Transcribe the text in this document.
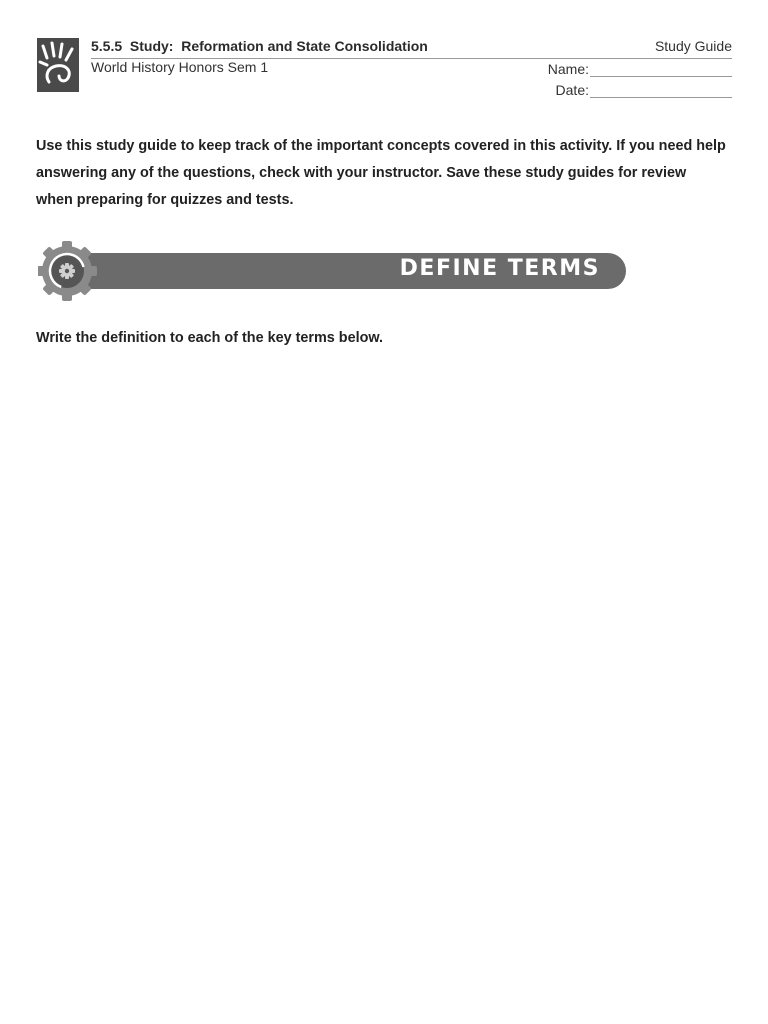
5.5.5  Study:  Reformation and State Consolidation	Study Guide
World History Honors Sem 1	Name:
Date:
Use this study guide to keep track of the important concepts covered in this activity. If you need help answering any of the questions, check with your instructor. Save these study guides for review when preparing for quizzes and tests.
DEFINE TERMS
Write the definition to each of the key terms below.
